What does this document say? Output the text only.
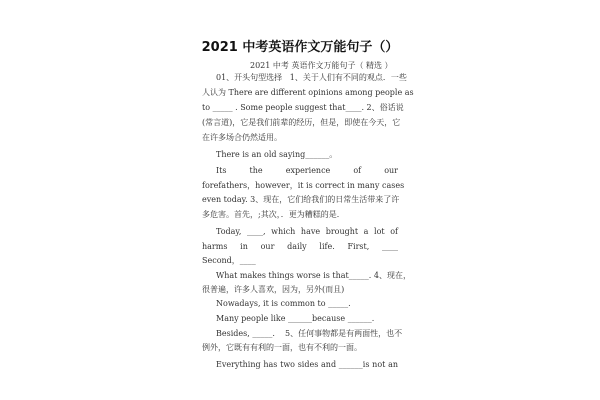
2021 中考英语作文万能句子（）
2021 中考 英语作文万能句子（ 精选 ）
01、开头句型选择   1、关于人们有不同的观点．一些
人认为 There are different opinions among people as
to _____ . Some people suggest that____. 2、俗话说
(常言道)，它是我们前辈的经历，但是，即使在今天，它
在许多场合仍然适用。
There is an old saying______。
Its the experience of our
forefathers，however，it is correct in many cases
even today. 3、现在，它们给我们的日常生活带来了许
多危害。首先，;其次，．更为糟糕的是．
Today, ____, which have brought a lot of
harms in our daily life. First, ____
Second，____
What makes things worse is that_____. 4、现在，
很普遍，许多人喜欢，因为，另外(而且)
Nowadays, it is common to _____.
Many people like ______because ______.
Besides, _____.    5、任何事物都是有两面性，也不
例外，它既有有利的一面，也有不利的一面。
Everything has two sides and ______is not an
